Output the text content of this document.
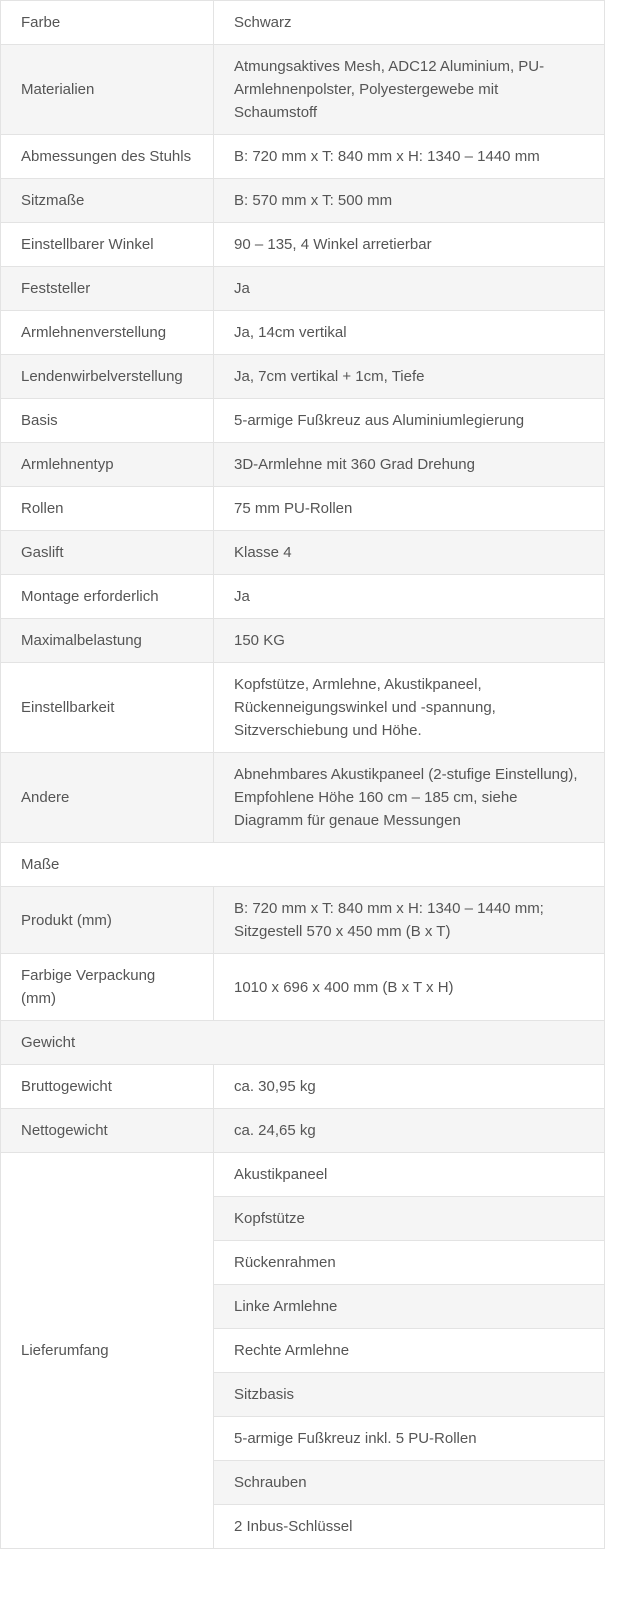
Farbe	Schwarz
Materialien	Atmungsaktives Mesh, ADC12 Aluminium, PU-Armlehnenpolster, Polyestergewebe mit Schaumstoff
Abmessungen des Stuhls	B: 720 mm x T: 840 mm x H: 1340 – 1440 mm
Sitzmaße	B: 570 mm x T: 500 mm
Einstellbarer Winkel	90 – 135, 4 Winkel arretierbar
Feststeller	Ja
Armlehnenverstellung	Ja, 14cm vertikal
Lendenwirbelverstellung	Ja, 7cm vertikal + 1cm, Tiefe
Basis	5-armige Fußkreuz aus Aluminiumlegierung
Armlehnentyp	3D-Armlehne mit 360 Grad Drehung
Rollen	75 mm PU-Rollen
Gaslift	Klasse 4
Montage erforderlich	Ja
Maximalbelastung	150 KG
Einstellbarkeit	Kopfstütze, Armlehne, Akustikpaneel, Rückenneigungswinkel und -spannung, Sitzverschiebung und Höhe.
Andere	Abnehmbares Akustikpaneel (2-stufige Einstellung), Empfohlene Höhe 160 cm – 185 cm, siehe Diagramm für genaue Messungen
Maße	
Produkt (mm)	B: 720 mm x T: 840 mm x H: 1340 – 1440 mm; Sitzgestell 570 x 450 mm (B x T)
Farbige Verpackung (mm)	1010 x 696 x 400 mm (B x T x H)
Gewicht	
Bruttogewicht	ca. 30,95 kg
Nettogewicht	ca. 24,65 kg
Lieferumfang	Akustikpaneel
	Kopfstütze
	Rückenrahmen
	Linke Armlehne
	Rechte Armlehne
	Sitzbasis
	5-armige Fußkreuz inkl. 5 PU-Rollen
	Schrauben
	2 Inbus-Schlüssel
